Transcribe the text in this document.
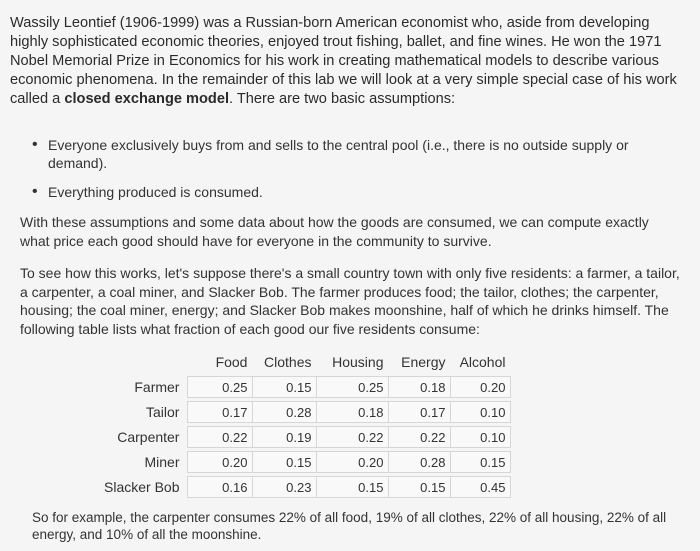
Wassily Leontief (1906-1999) was a Russian-born American economist who, aside from developing highly sophisticated economic theories, enjoyed trout fishing, ballet, and fine wines. He won the 1971 Nobel Memorial Prize in Economics for his work in creating mathematical models to describe various economic phenomena. In the remainder of this lab we will look at a very simple special case of his work called a closed exchange model. There are two basic assumptions:

• Everyone exclusively buys from and sells to the central pool (i.e., there is no outside supply or demand).
• Everything produced is consumed.

With these assumptions and some data about how the goods are consumed, we can compute exactly what price each good should have for everyone in the community to survive.

To see how this works, let's suppose there's a small country town with only five residents: a farmer, a tailor, a carpenter, a coal miner, and Slacker Bob. The farmer produces food; the tailor, clothes; the carpenter, housing; the coal miner, energy; and Slacker Bob makes moonshine, half of which he drinks himself. The following table lists what fraction of each good our five residents consume:

	Food	Clothes	Housing	Energy	Alcohol
Farmer	0.25	0.15	0.25	0.18	0.20
Tailor	0.17	0.28	0.18	0.17	0.10
Carpenter	0.22	0.19	0.22	0.22	0.10
Miner	0.20	0.15	0.20	0.28	0.15
Slacker Bob	0.16	0.23	0.15	0.15	0.45

So for example, the carpenter consumes 22% of all food, 19% of all clothes, 22% of all housing, 22% of all energy, and 10% of all the moonshine.
